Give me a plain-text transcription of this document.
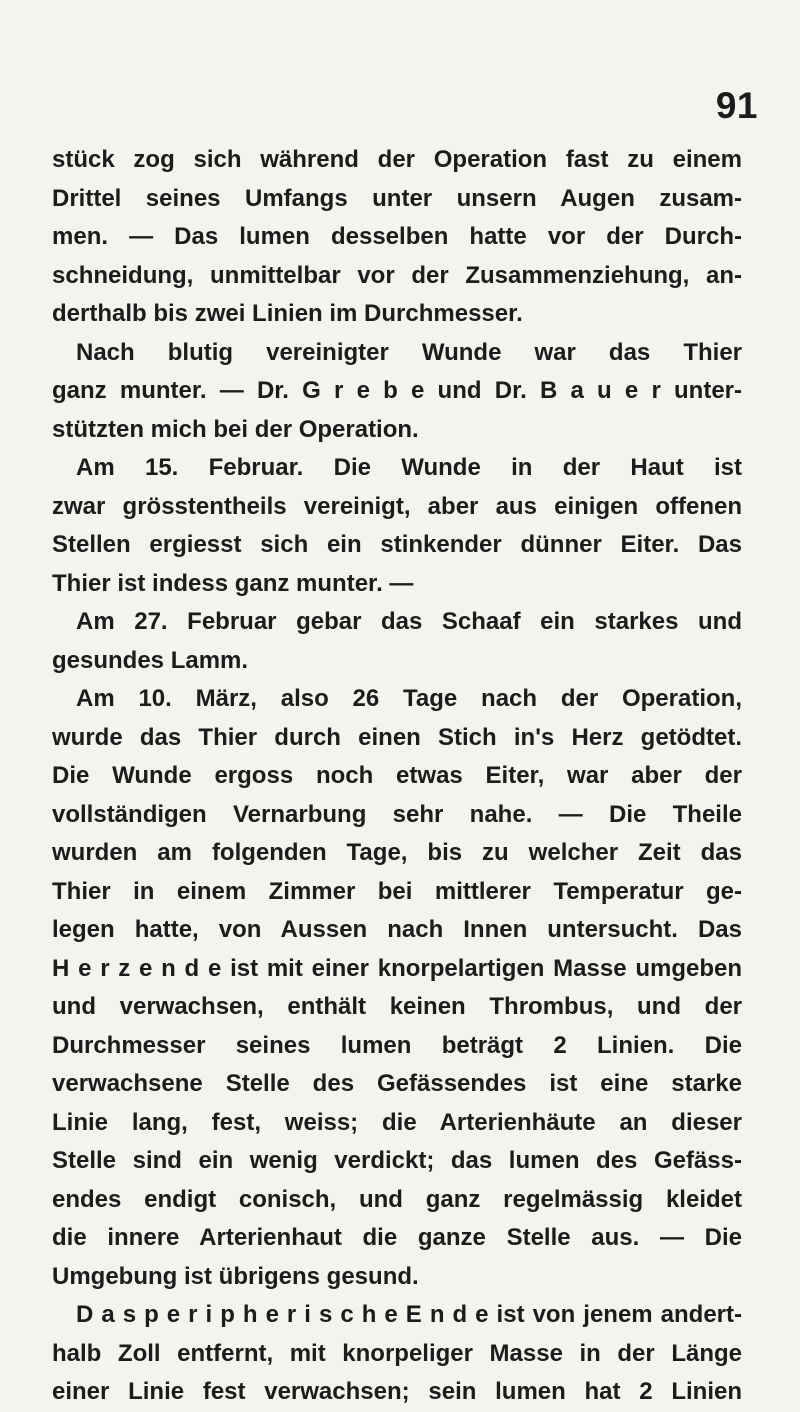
91
stück zog sich während der Operation fast zu einem
Drittel seines Umfangs unter unsern Augen zusam-
men. — Das lumen desselben hatte vor der Durch-
schneidung, unmittelbar vor der Zusammenziehung, an-
derthalb bis zwei Linien im Durchmesser.
Nach blutig vereinigter Wunde war das Thier
ganz munter. — Dr. G r e b e und Dr. B a u e r unter-
stützten mich bei der Operation.
Am 15. Februar. Die Wunde in der Haut ist
zwar grösstentheils vereinigt, aber aus einigen offenen
Stellen ergiesst sich ein stinkender dünner Eiter. Das
Thier ist indess ganz munter. —
Am 27. Februar gebar das Schaaf ein starkes und
gesundes Lamm.
Am 10. März, also 26 Tage nach der Operation,
wurde das Thier durch einen Stich in's Herz getödtet.
Die Wunde ergoss noch etwas Eiter, war aber der
vollständigen Vernarbung sehr nahe. — Die Theile
wurden am folgenden Tage, bis zu welcher Zeit das
Thier in einem Zimmer bei mittlerer Temperatur ge-
legen hatte, von Aussen nach Innen untersucht. Das
H e r z e n d e ist mit einer knorpelartigen Masse umgeben
und verwachsen, enthält keinen Thrombus, und der
Durchmesser seines lumen beträgt 2 Linien. Die
verwachsene Stelle des Gefässendes ist eine starke
Linie lang, fest, weiss; die Arterienhäute an dieser
Stelle sind ein wenig verdickt; das lumen des Gefäss-
endes endigt conisch, und ganz regelmässig kleidet
die innere Arterienhaut die ganze Stelle aus. — Die
Umgebung ist übrigens gesund.
D a s p e r i p h e r i s c h e E n d e ist von jenem andert-
halb Zoll entfernt, mit knorpeliger Masse in der Länge
einer Linie fest verwachsen; sein lumen hat 2 Linien
